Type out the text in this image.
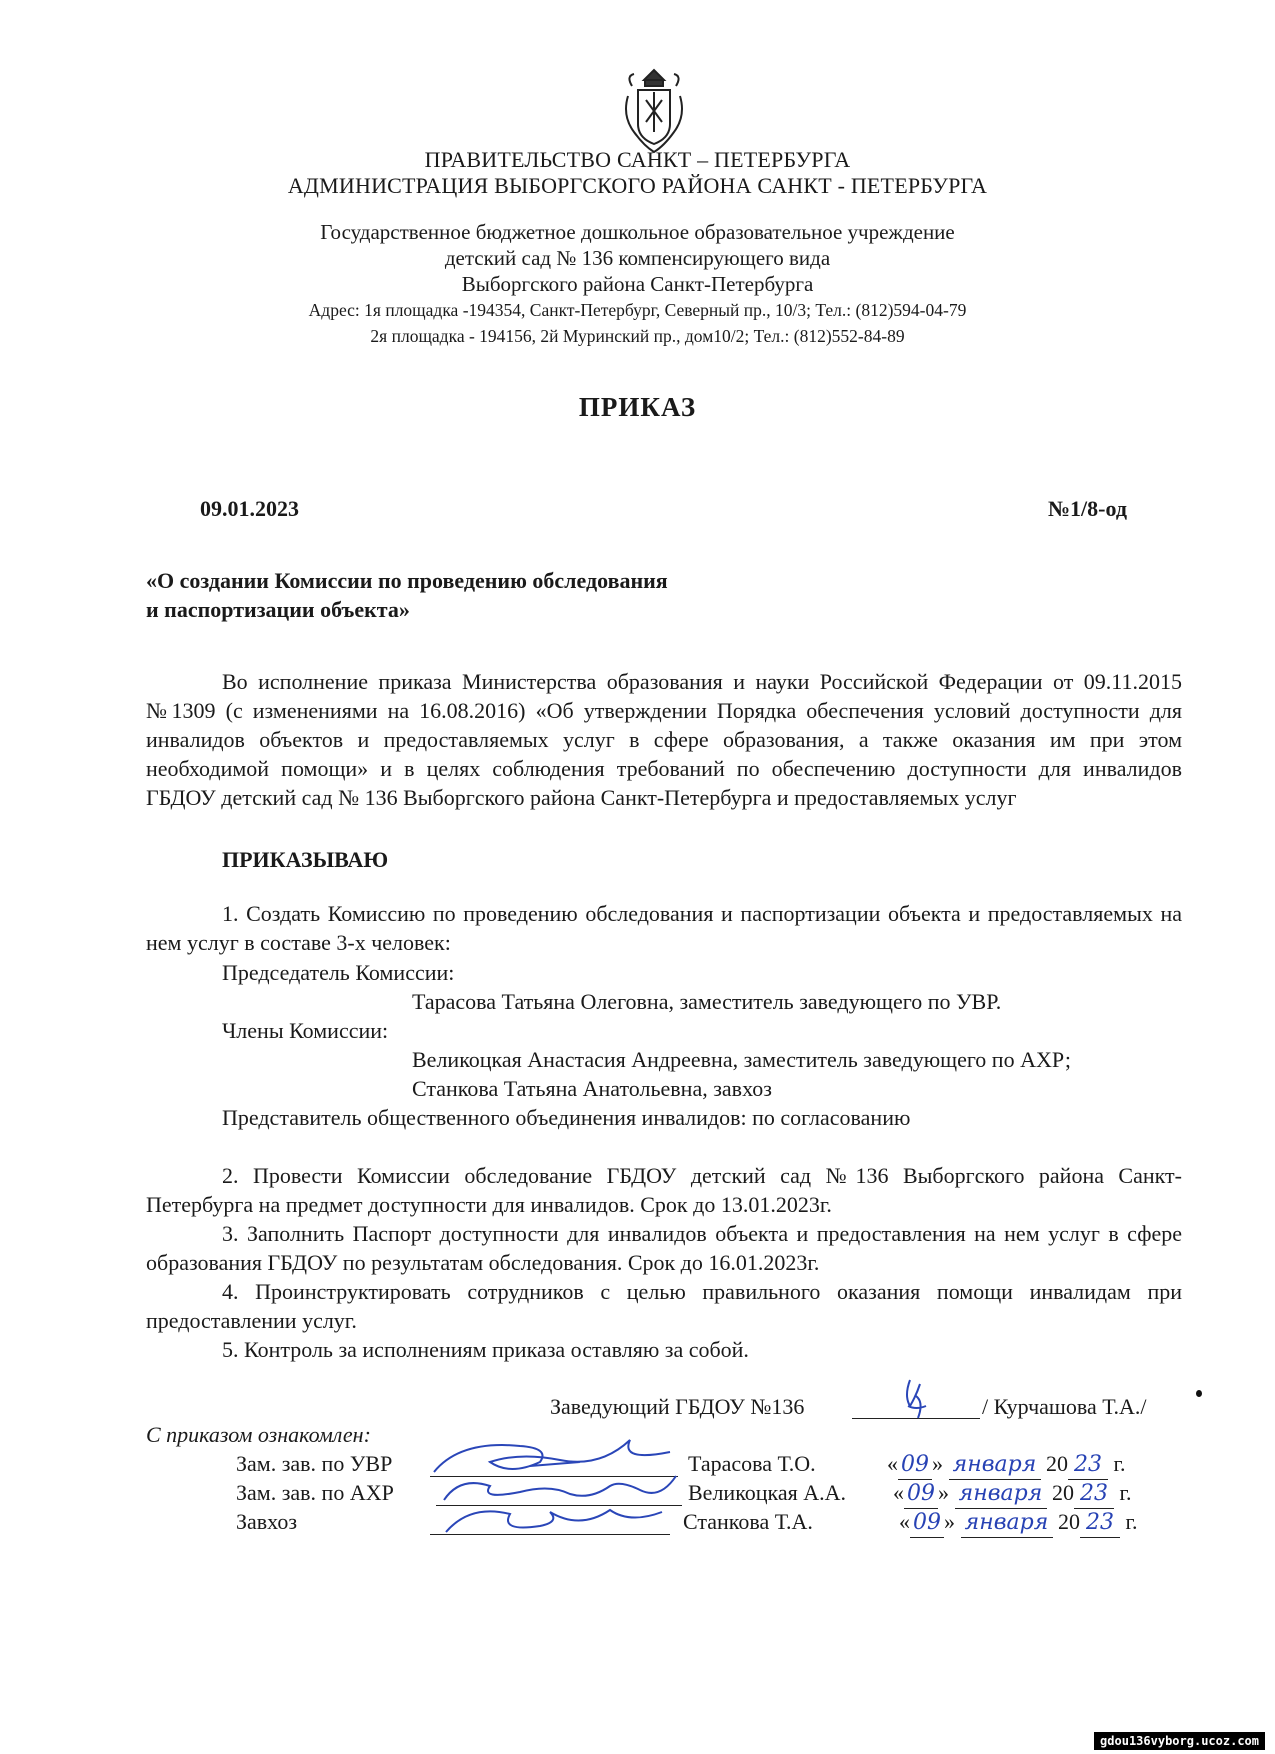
ПРАВИТЕЛЬСТВО САНКТ – ПЕТЕРБУРГА
АДМИНИСТРАЦИЯ ВЫБОРГСКОГО РАЙОНА САНКТ - ПЕТЕРБУРГА
Государственное бюджетное дошкольное образовательное учреждение
детский сад № 136 компенсирующего вида
Выборгского района Санкт-Петербурга
Адрес: 1я площадка -194354, Санкт-Петербург, Северный пр., 10/3; Тел.: (812)594-04-79
2я площадка - 194156, 2й Муринский пр., дом10/2; Тел.: (812)552-84-89
ПРИКАЗ
09.01.2023	№1/8-од
«О создании Комиссии по проведению обследования
и паспортизации объекта»
Во исполнение приказа Министерства образования и науки Российской Федерации от 09.11.2015 №1309 (с изменениями на 16.08.2016) «Об утверждении Порядка обеспечения условий доступности для инвалидов объектов и предоставляемых услуг в сфере образования, а также оказания им при этом необходимой помощи» и в целях соблюдения требований по обеспечению доступности для инвалидов ГБДОУ детский сад № 136 Выборгского района Санкт-Петербурга и предоставляемых услуг
ПРИКАЗЫВАЮ
1. Создать Комиссию по проведению обследования и паспортизации объекта и предоставляемых на нем услуг в составе 3-х человек:
Председатель Комиссии:
Тарасова Татьяна Олеговна, заместитель заведующего по УВР.
Члены Комиссии:
Великоцкая Анастасия Андреевна, заместитель заведующего по АХР;
Станкова Татьяна Анатольевна, завхоз
Представитель общественного объединения инвалидов: по согласованию
2. Провести Комиссии обследование ГБДОУ детский сад №136 Выборгского района Санкт-Петербурга на предмет доступности для инвалидов. Срок до 13.01.2023г.
3. Заполнить Паспорт доступности для инвалидов объекта и предоставления на нем услуг в сфере образования ГБДОУ по результатам обследования. Срок до 16.01.2023г.
4. Проинструктировать сотрудников с целью правильного оказания помощи инвалидам при предоставлении услуг.
5. Контроль за исполнениям приказа оставляю за собой.
Заведующий ГБДОУ №136	/ Курчашова Т.А./
С приказом ознакомлен:
Зам. зав. по УВР	Тарасова Т.О.	« 09 » января 20 23 г.
Зам. зав. по АХР	Великоцкая А.А. « 09 » января 20 23 г.
Завхоз	Станкова Т.А.	« 09 » января 20 23 г.
gdou136vyborg.ucoz.com
